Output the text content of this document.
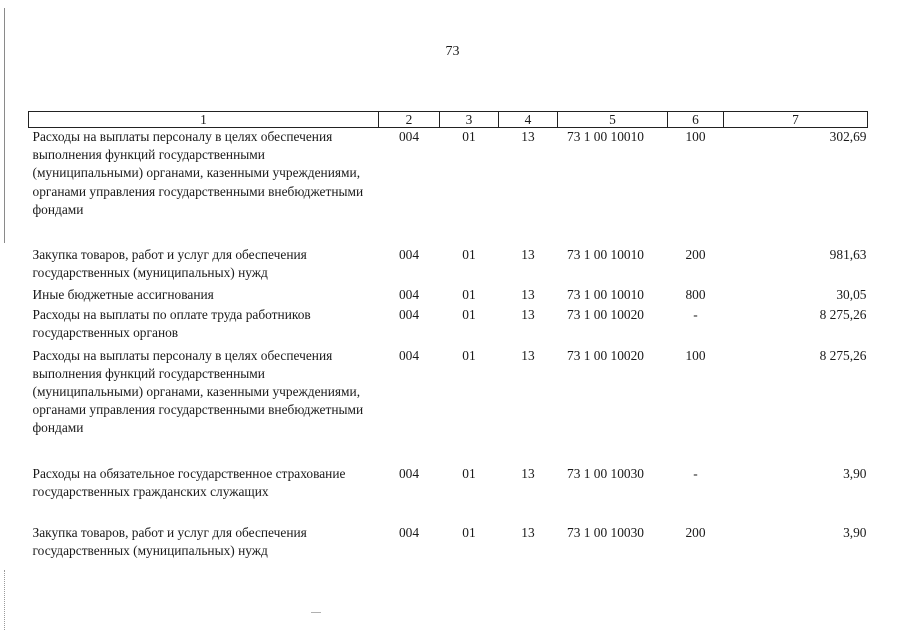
73
1	2	3	4	5	6	7
Расходы на выплаты персоналу в целях обеспечения выполнения функций государственными (муниципальными) органами, казенными учреждениями, органами управления государственными внебюджетными фондами	004	01	13	73 1 00 10010	100	302,69
Закупка товаров, работ и услуг для обеспечения государственных (муниципальных) нужд	004	01	13	73 1 00 10010	200	981,63
Иные бюджетные ассигнования	004	01	13	73 1 00 10010	800	30,05
Расходы на выплаты по оплате труда работников государственных органов	004	01	13	73 1 00 10020	-	8 275,26
Расходы на выплаты персоналу в целях обеспечения выполнения функций государственными (муниципальными) органами, казенными учреждениями, органами управления государственными внебюджетными фондами	004	01	13	73 1 00 10020	100	8 275,26
Расходы на обязательное государственное страхование государственных гражданских служащих	004	01	13	73 1 00 10030	-	3,90
Закупка товаров, работ и услуг для обеспечения государственных (муниципальных) нужд	004	01	13	73 1 00 10030	200	3,90
